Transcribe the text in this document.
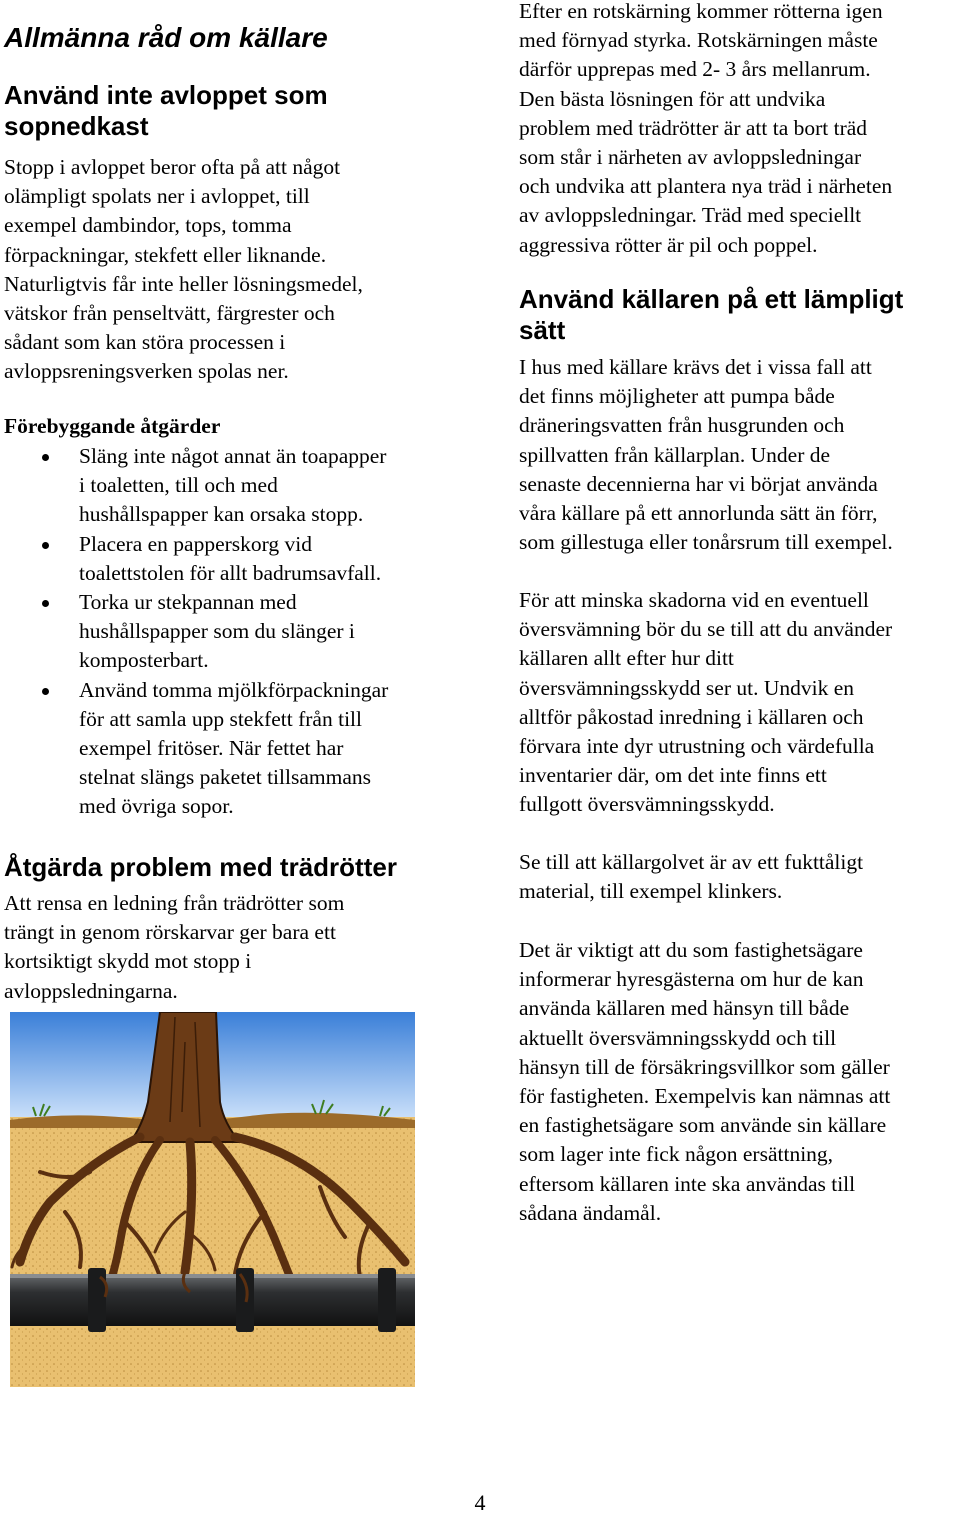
Allmänna råd om källare
Använd inte avloppet som sopnedkast

Stopp i avloppet beror ofta på att något

olämpligt spolats ner i avloppet, till

exempel dambindor, tops, tomma

förpackningar, stekfett eller liknande.

Naturligtvis får inte heller lösningsmedel,

vätskor från penseltvätt, färgrester och

sådant som kan störa processen i

avloppsreningsverken spolas ner.

Förebyggande åtgärder
Släng inte något annat än toapapper
i toaletten, till och med
hushållspapper kan orsaka stopp.
Placera en papperskorg vid
toalettstolen för allt badrumsavfall.
Torka ur stekpannan med
hushållspapper som du slänger i
komposterbart.
Använd tomma mjölkförpackningar
för att samla upp stekfett från till
exempel fritöser. När fettet har
stelnat slängs paketet tillsammans
med övriga sopor.
Åtgärda problem med trädrötter

Att rensa en ledning från trädrötter som

trängt in genom rörskarvar ger bara ett

kortsiktigt skydd mot stopp i

avloppsledningarna.

Efter en rotskärning kommer rötterna igen

med förnyad styrka. Rotskärningen måste

därför upprepas med 2- 3 års mellanrum.

Den bästa lösningen för att undvika

problem med trädrötter är att ta bort träd

som står i närheten av avloppsledningar

och undvika att plantera nya träd i närheten

av avloppsledningar. Träd med speciellt

aggressiva rötter är pil och poppel.

Använd källaren på ett lämpligt
sätt

I hus med källare krävs det i vissa fall att

det finns möjligheter att pumpa både

dräneringsvatten från husgrunden och

spillvatten från källarplan. Under de

senaste decennierna har vi börjat använda

våra källare på ett annorlunda sätt än förr,

som gillestuga eller tonårsrum till exempel.

För att minska skadorna vid en eventuell

översvämning bör du se till att du använder

källaren allt efter hur ditt

översvämningsskydd ser ut. Undvik en

alltför påkostad inredning i källaren och

förvara inte dyr utrustning och värdefulla

inventarier där, om det inte finns ett

fullgott översvämningsskydd.

Se till att källargolvet är av ett fukttåligt

material, till exempel klinkers.

Det är viktigt att du som fastighetsägare

informerar hyresgästerna om hur de kan

använda källaren med hänsyn till både

aktuellt översvämningsskydd och till

hänsyn till de försäkringsvillkor som gäller

för fastigheten. Exempelvis kan nämnas att

en fastighetsägare som använde sin källare

som lager inte fick någon ersättning,

eftersom källaren inte ska användas till

sådana ändamål.

4
